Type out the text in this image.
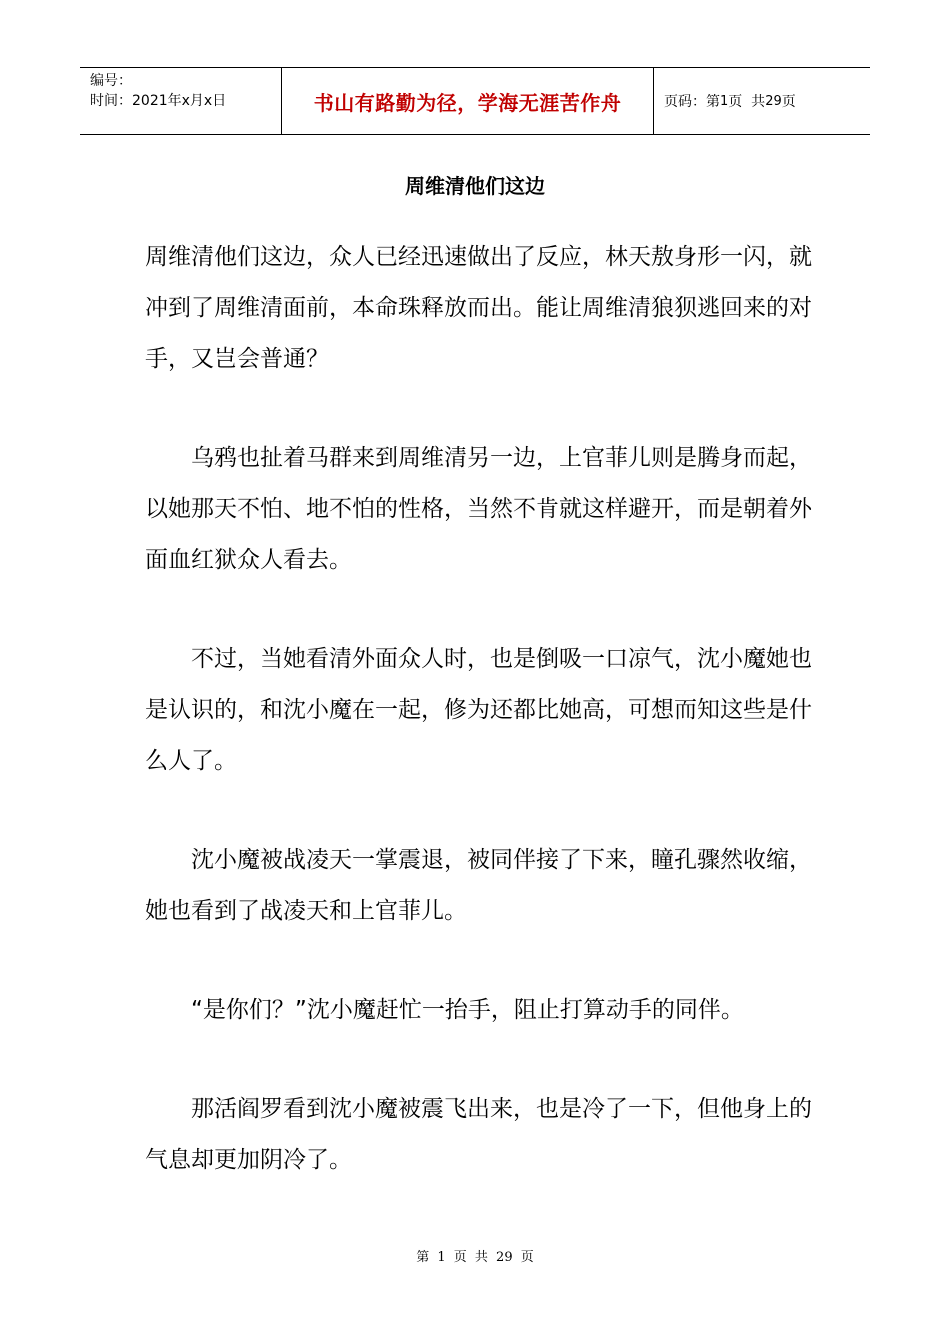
编号：
时间：2021年x月x日	书山有路勤为径，学海无涯苦作舟	页码：第 1 页  共 29 页
周维清他们这边

周维清他们这边，众人已经迅速做出了反应，林天敖身形一闪，就冲到了周维清面前，本命珠释放而出。能让周维清狼狈逃回来的对手，又岂会普通？

乌鸦也扯着马群来到周维清另一边，上官菲儿则是腾身而起，以她那天不怕、地不怕的性格，当然不肯就这样避开，而是朝着外面血红狱众人看去。

不过，当她看清外面众人时，也是倒吸一口凉气，沈小魔她也是认识的，和沈小魔在一起，修为还都比她高，可想而知这些是什么人了。

沈小魔被战凌天一掌震退，被同伴接了下来，瞳孔骤然收缩，她也看到了战凌天和上官菲儿。

“是你们？”沈小魔赶忙一抬手，阻止打算动手的同伴。

那活阎罗看到沈小魔被震飞出来，也是冷了一下，但他身上的气息却更加阴冷了。

第 1 页 共 29 页
